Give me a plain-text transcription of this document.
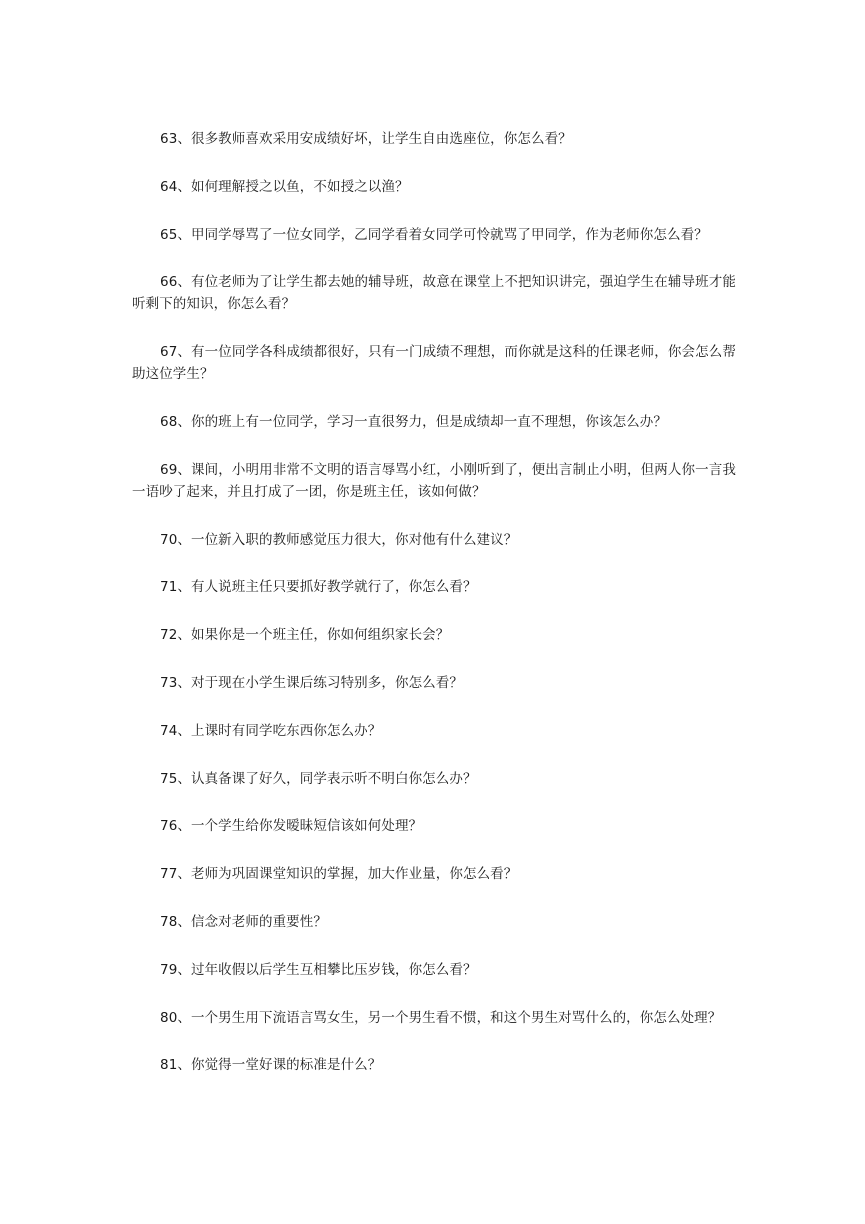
63、很多教师喜欢采用安成绩好坏，让学生自由选座位，你怎么看？

64、如何理解授之以鱼，不如授之以渔？

65、甲同学辱骂了一位女同学，乙同学看着女同学可怜就骂了甲同学，作为老师你怎么看？

66、有位老师为了让学生都去她的辅导班，故意在课堂上不把知识讲完，强迫学生在辅导班才能听剩下的知识，你怎么看？

67、有一位同学各科成绩都很好，只有一门成绩不理想，而你就是这科的任课老师，你会怎么帮助这位学生？

68、你的班上有一位同学，学习一直很努力，但是成绩却一直不理想，你该怎么办？

69、课间，小明用非常不文明的语言辱骂小红，小刚听到了，便出言制止小明，但两人你一言我一语吵了起来，并且打成了一团，你是班主任，该如何做？

70、一位新入职的教师感觉压力很大，你对他有什么建议？

71、有人说班主任只要抓好教学就行了，你怎么看？

72、如果你是一个班主任，你如何组织家长会？

73、对于现在小学生课后练习特别多，你怎么看？

74、上课时有同学吃东西你怎么办？

75、认真备课了好久，同学表示听不明白你怎么办？

76、一个学生给你发暧昧短信该如何处理？

77、老师为巩固课堂知识的掌握，加大作业量，你怎么看？

78、信念对老师的重要性？

79、过年收假以后学生互相攀比压岁钱，你怎么看？

80、一个男生用下流语言骂女生，另一个男生看不惯，和这个男生对骂什么的，你怎么处理？

81、你觉得一堂好课的标准是什么？
